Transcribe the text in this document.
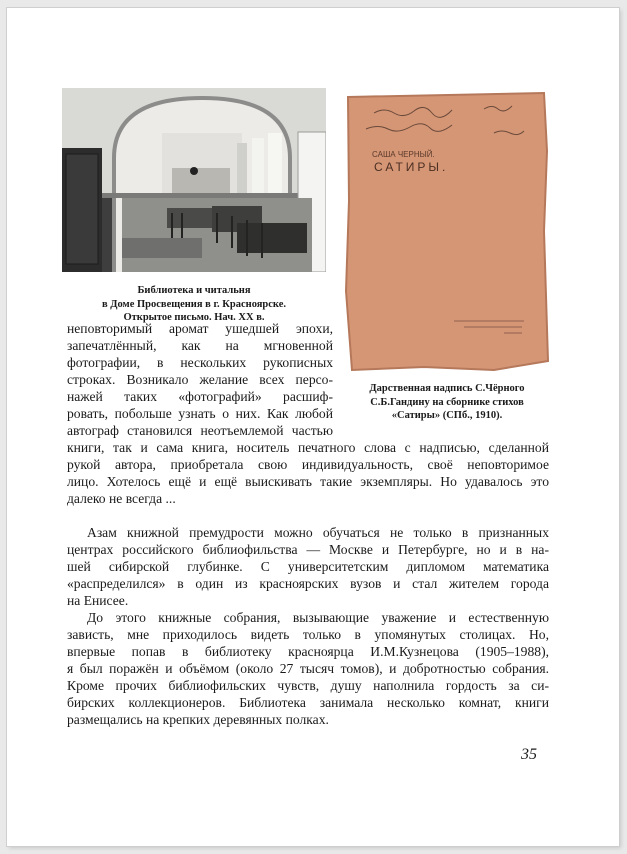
Библиотека и читальня
в Доме Просвещения в г. Красноярске.
Открытое письмо. Нач. XX в.

САША ЧЕРНЫЙ.
САТИРЫ.

Дарственная надпись С.Чёрного
С.Б.Гандину на сборнике стихов
«Сатиры» (СПб., 1910).

неповторимый аромат ушедшей эпохи,

запечатлённый, как на мгновенной

фотографии, в нескольких рукописных

строках. Возникало желание всех персо-

нажей таких «фотографий» расшиф-

ровать, побольше узнать о них. Как любой

автограф становился неотъемлемой частью

книги, так и сама книга, носитель печатного слова с надписью, сделанной

рукой автора, приобретала свою индивидуальность, своё неповторимое

лицо. Хотелось ещё и ещё выискивать такие экземпляры. Но удавалось это

далеко не всегда ...

Азам книжной премудрости можно обучаться не только в признанных

центрах российского библиофильства — Москве и Петербурге, но и в на-

шей сибирской глубинке. С университетским дипломом математика

«распределился» в один из красноярских вузов и стал жителем города

на Енисее.

До этого книжные собрания, вызывающие уважение и естественную

зависть, мне приходилось видеть только в упомянутых столицах. Но,

впервые попав в библиотеку красноярца И.М.Кузнецова (1905–1988),

я был поражён и объёмом (около 27 тысяч томов), и добротностью собрания.

Кроме прочих библиофильских чувств, душу наполнила гордость за си-

бирских коллекционеров. Библиотека занимала несколько комнат, книги

размещались на крепких деревянных полках.

35
